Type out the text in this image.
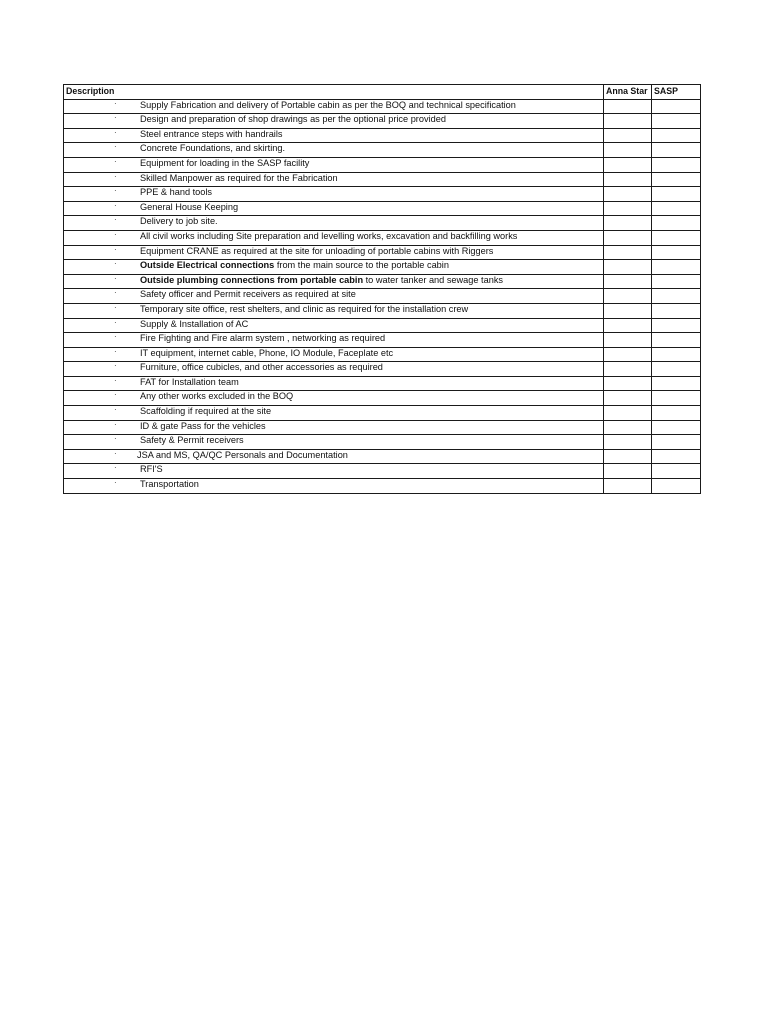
Description	Anna Star	SASP

· Supply Fabrication and delivery of Portable cabin as per the BOQ and technical specification		

· Design and preparation of shop drawings as per the optional price provided		

· Steel entrance steps with handrails		

· Concrete Foundations, and skirting.		

· Equipment for loading in the SASP facility		

· Skilled Manpower as required for the Fabrication		

· PPE & hand tools		

· General House Keeping		

· Delivery to job site.		

· All civil works including Site preparation and levelling works, excavation and backfilling works		

· Equipment CRANE as required at the site for unloading of portable cabins with Riggers		

· Outside Electrical connections from the main source to the portable cabin		

· Outside plumbing connections from portable cabin to water tanker and sewage tanks		

· Safety officer and Permit receivers as required at site		

· Temporary site office, rest shelters, and clinic as required for the installation crew		

· Supply & Installation of AC		

· Fire Fighting and Fire alarm system , networking as required		

· IT equipment, internet cable, Phone, IO Module, Faceplate etc		

· Furniture, office cubicles, and other accessories as required		

· FAT for Installation team		

· Any other works excluded in the BOQ		

· Scaffolding if required at the site		

· ID & gate Pass for the vehicles		

· Safety & Permit receivers		

· JSA and MS, QA/QC Personals and Documentation		

· RFI'S		

· Transportation		
